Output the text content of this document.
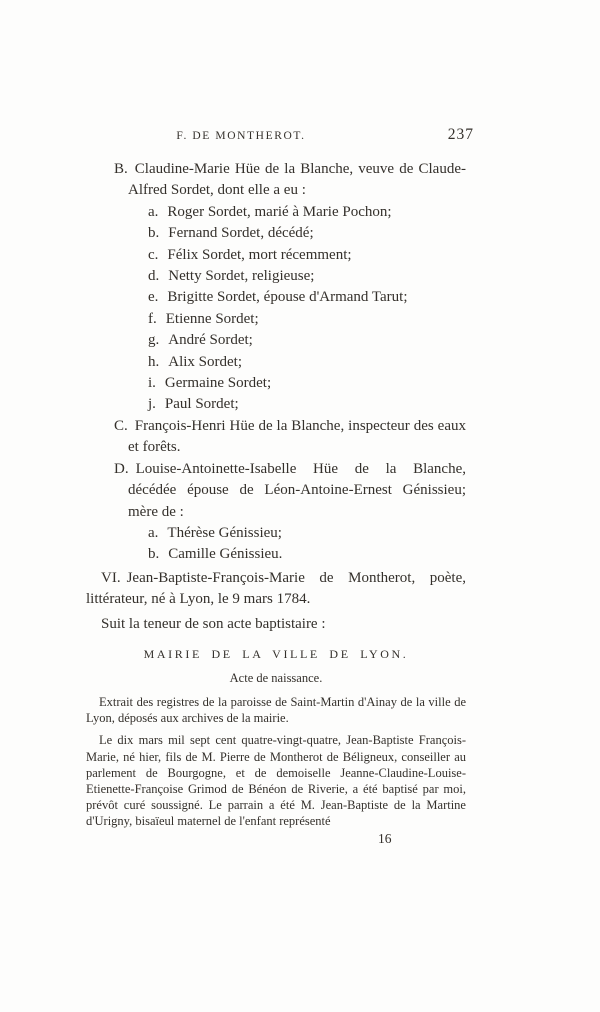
F. DE MONTHEROT.	237
B. Claudine-Marie Hüe de la Blanche, veuve de Claude-Alfred Sordet, dont elle a eu :
a. Roger Sordet, marié à Marie Pochon;
b. Fernand Sordet, décédé;
c. Félix Sordet, mort récemment;
d. Netty Sordet, religieuse;
e. Brigitte Sordet, épouse d'Armand Tarut;
f. Etienne Sordet;
g. André Sordet;
h. Alix Sordet;
i. Germaine Sordet;
j. Paul Sordet;
C. François-Henri Hüe de la Blanche, inspecteur des eaux et forêts.
D. Louise-Antoinette-Isabelle Hüe de la Blanche, décédée épouse de Léon-Antoine-Ernest Génissieu; mère de :
a. Thérèse Génissieu;
b. Camille Génissieu.
VI. Jean-Baptiste-François-Marie de Montherot, poète, littérateur, né à Lyon, le 9 mars 1784.
Suit la teneur de son acte baptistaire :
MAIRIE DE LA VILLE DE LYON.
Acte de naissance.
Extrait des registres de la paroisse de Saint-Martin d'Ainay de la ville de Lyon, déposés aux archives de la mairie.
Le dix mars mil sept cent quatre-vingt-quatre, Jean-Baptiste François-Marie, né hier, fils de M. Pierre de Montherot de Béligneux, conseiller au parlement de Bourgogne, et de demoiselle Jeanne-Claudine-Louise-Etienette-Françoise Grimod de Bénéon de Riverie, a été baptisé par moi, prévôt curé soussigné. Le parrain a été M. Jean-Baptiste de la Martine d'Urigny, bisaïeul maternel de l'enfant représenté
16
